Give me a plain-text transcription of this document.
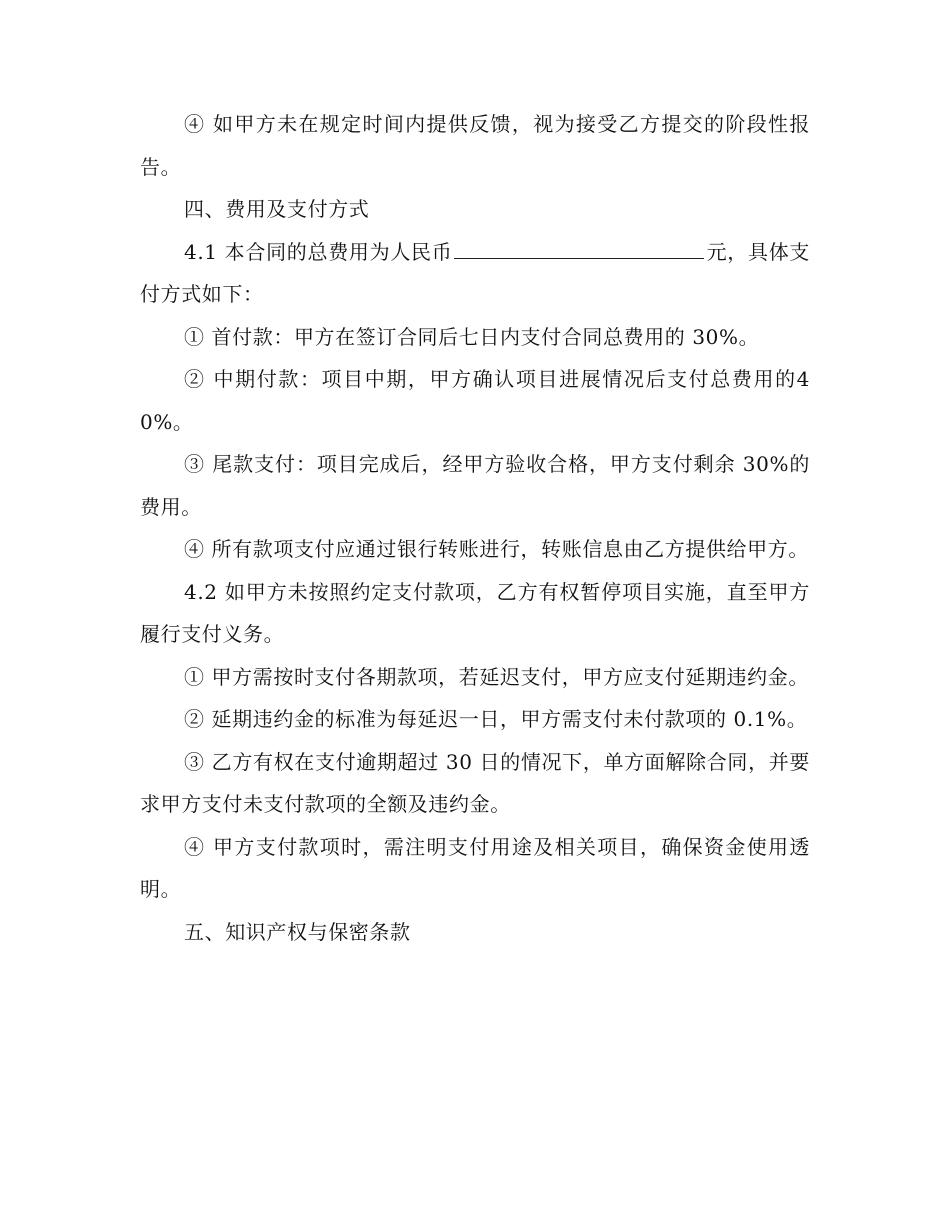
④ 如甲方未在规定时间内提供反馈，视为接受乙方提交的阶段性报告。

四、费用及支付方式

4.1 本合同的总费用为人民币	元，具体支付方式如下：

① 首付款：甲方在签订合同后七日内支付合同总费用的 30%。

② 中期付款：项目中期，甲方确认项目进展情况后支付总费用的40%。

③ 尾款支付：项目完成后，经甲方验收合格，甲方支付剩余 30%的费用。

④ 所有款项支付应通过银行转账进行，转账信息由乙方提供给甲方。

4.2 如甲方未按照约定支付款项，乙方有权暂停项目实施，直至甲方履行支付义务。

① 甲方需按时支付各期款项，若延迟支付，甲方应支付延期违约金。

② 延期违约金的标准为每延迟一日，甲方需支付未付款项的 0.1%。

③ 乙方有权在支付逾期超过 30 日的情况下，单方面解除合同，并要求甲方支付未支付款项的全额及违约金。

④ 甲方支付款项时，需注明支付用途及相关项目，确保资金使用透明。

五、知识产权与保密条款
